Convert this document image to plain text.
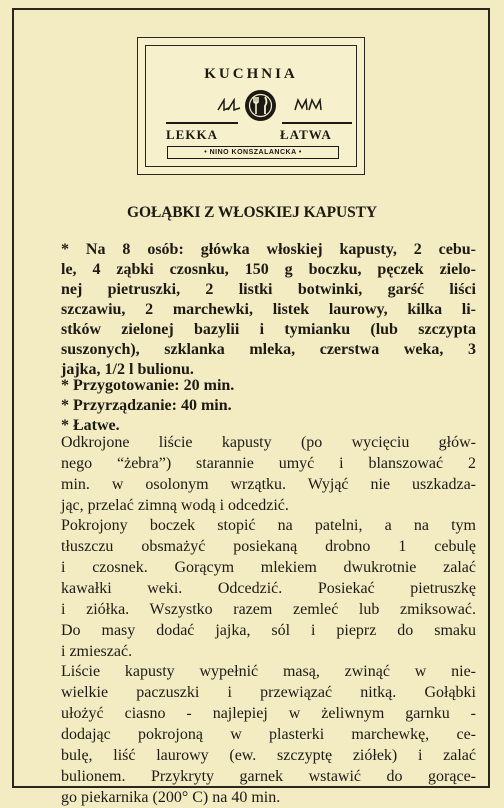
KUCHNIA
LEKKA	ŁATWA
• NINO KONSZALANCKA •
GOŁĄBKI Z WŁOSKIEJ KAPUSTY
* Na 8 osób: główka włoskiej kapusty, 2 cebu-
le, 4 ząbki czosnku, 150 g boczku, pęczek zielo-
nej pietruszki, 2 listki botwinki, garść liści
szczawiu, 2 marchewki, listek laurowy, kilka li-
stków zielonej bazylii i tymianku (lub szczypta
suszonych), szklanka mleka, czerstwa weka, 3
jajka, 1/2 l bulionu.
* Przygotowanie: 20 min.
* Przyrządzanie: 40 min.
* Łatwe.
Odkrojone liście kapusty (po wycięciu głów-
nego “żebra”) starannie umyć i blanszować 2
min. w osolonym wrzątku. Wyjąć nie uszkadza-
jąc, przelać zimną wodą i odcedzić.
Pokrojony boczek stopić na patelni, a na tym
tłuszczu obsmażyć posiekaną drobno 1 cebulę
i czosnek. Gorącym mlekiem dwukrotnie zalać
kawałki weki. Odcedzić. Posiekać pietruszkę
i ziółka. Wszystko razem zemleć lub zmiksować.
Do masy dodać jajka, sól i pieprz do smaku
i zmieszać.
Liście kapusty wypełnić masą, zwinąć w nie-
wielkie paczuszki i przewiązać nitką. Gołąbki
ułożyć ciasno - najlepiej w żeliwnym garnku -
dodając pokrojoną w plasterki marchewkę, ce-
bulę, liść laurowy (ew. szczyptę ziółek) i zalać
bulionem. Przykryty garnek wstawić do gorące-
go piekarnika (200° C) na 40 min.
